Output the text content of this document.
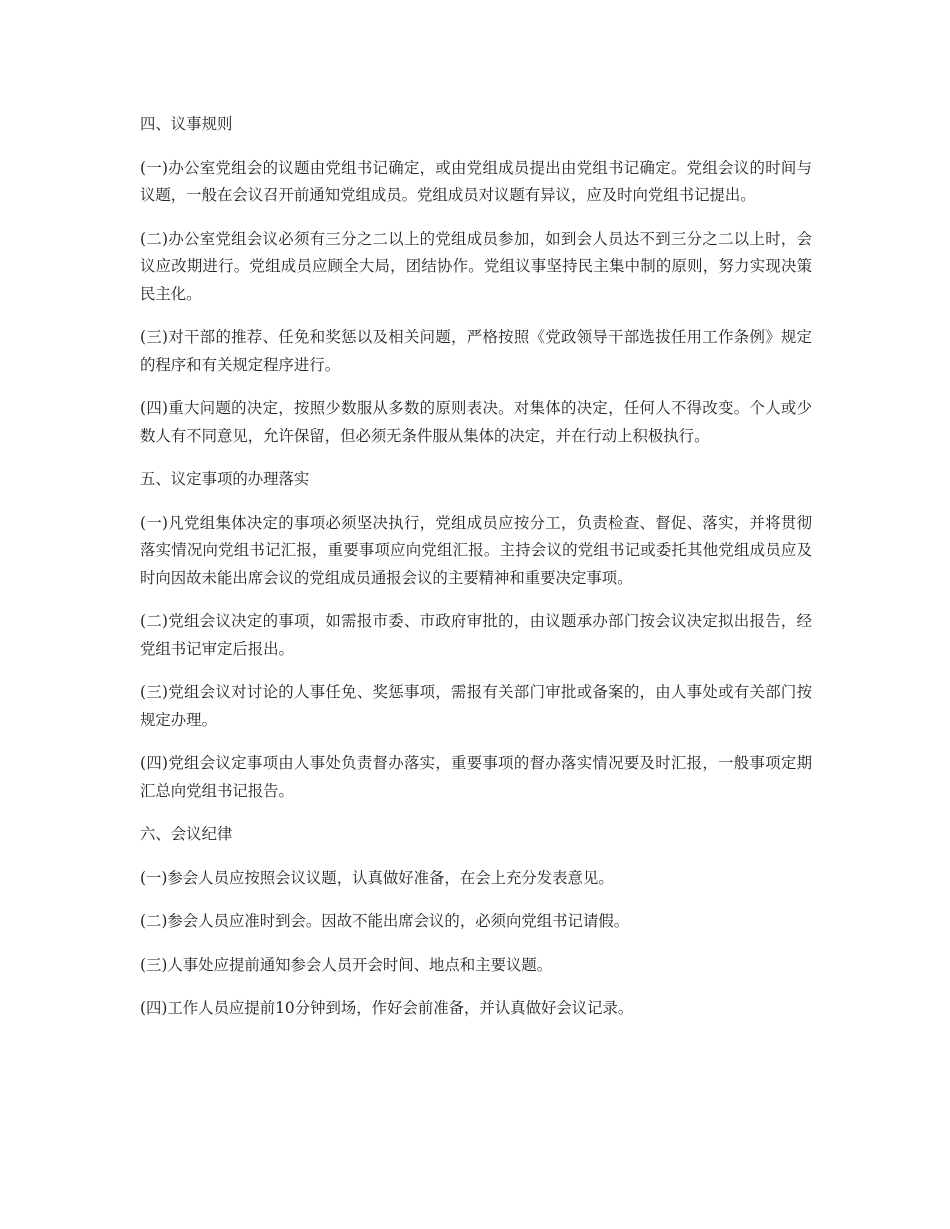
四、议事规则

(一)办公室党组会的议题由党组书记确定，或由党组成员提出由党组书记确定。党组会议的时间与议题，一般在会议召开前通知党组成员。党组成员对议题有异议，应及时向党组书记提出。

(二)办公室党组会议必须有三分之二以上的党组成员参加，如到会人员达不到三分之二以上时，会议应改期进行。党组成员应顾全大局，团结协作。党组议事坚持民主集中制的原则，努力实现决策民主化。

(三)对干部的推荐、任免和奖惩以及相关问题，严格按照《党政领导干部选拔任用工作条例》规定的程序和有关规定程序进行。

(四)重大问题的决定，按照少数服从多数的原则表决。对集体的决定，任何人不得改变。个人或少数人有不同意见，允许保留，但必须无条件服从集体的决定，并在行动上积极执行。

五、议定事项的办理落实

(一)凡党组集体决定的事项必须坚决执行，党组成员应按分工，负责检查、督促、落实，并将贯彻落实情况向党组书记汇报，重要事项应向党组汇报。主持会议的党组书记或委托其他党组成员应及时向因故未能出席会议的党组成员通报会议的主要精神和重要决定事项。

(二)党组会议决定的事项，如需报市委、市政府审批的，由议题承办部门按会议决定拟出报告，经党组书记审定后报出。

(三)党组会议对讨论的人事任免、奖惩事项，需报有关部门审批或备案的，由人事处或有关部门按规定办理。

(四)党组会议定事项由人事处负责督办落实，重要事项的督办落实情况要及时汇报，一般事项定期汇总向党组书记报告。

六、会议纪律

(一)参会人员应按照会议议题，认真做好准备，在会上充分发表意见。

(二)参会人员应准时到会。因故不能出席会议的，必须向党组书记请假。

(三)人事处应提前通知参会人员开会时间、地点和主要议题。

(四)工作人员应提前10分钟到场，作好会前准备，并认真做好会议记录。
